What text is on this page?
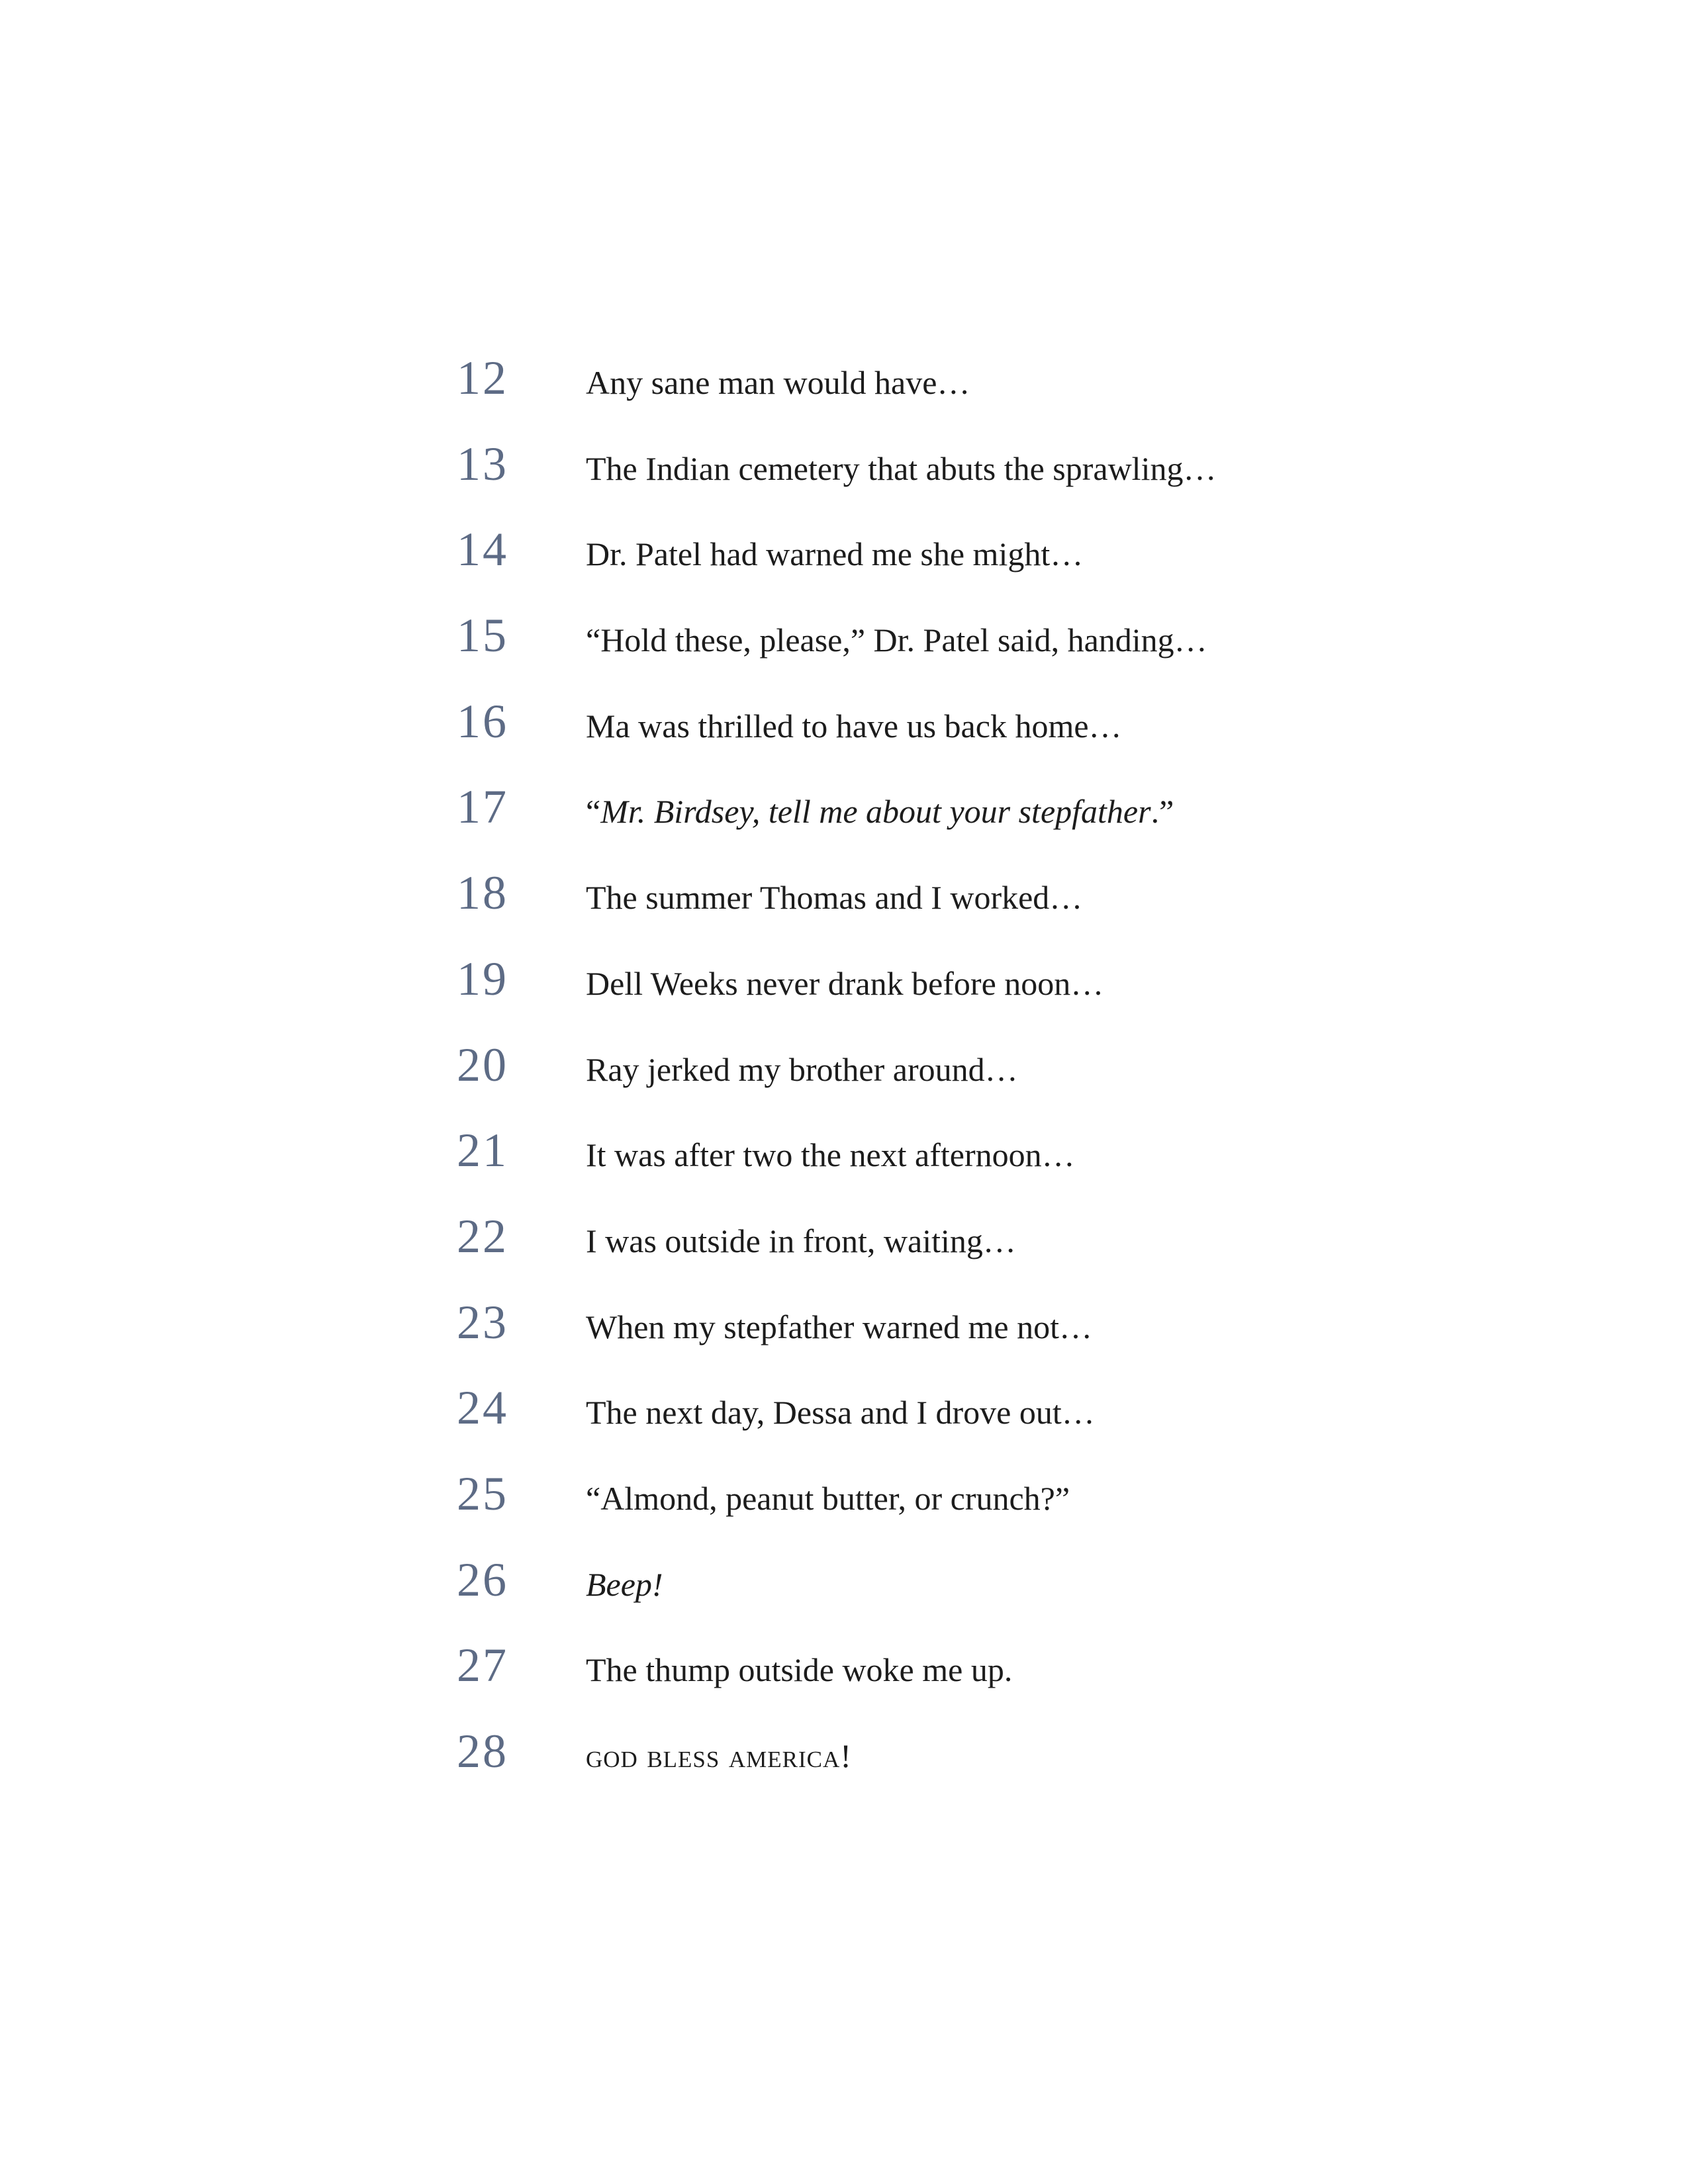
12	Any sane man would have…
13	The Indian cemetery that abuts the sprawling…
14	Dr. Patel had warned me she might…
15	“Hold these, please,” Dr. Patel said, handing…
16	Ma was thrilled to have us back home…
17	“Mr. Birdsey, tell me about your stepfather.”
18	The summer Thomas and I worked…
19	Dell Weeks never drank before noon…
20	Ray jerked my brother around…
21	It was after two the next afternoon…
22	I was outside in front, waiting…
23	When my stepfather warned me not…
24	The next day, Dessa and I drove out…
25	“Almond, peanut butter, or crunch?”
26	Beep!
27	The thump outside woke me up.
28	god bless america!
